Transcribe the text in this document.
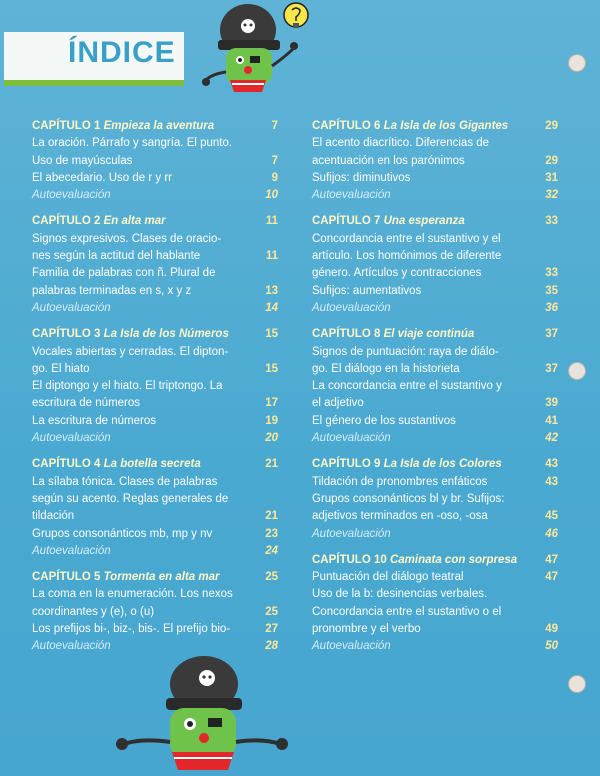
ÍNDICE
CAPÍTULO 1 Empieza la aventura	7
La oración. Párrafo y sangría. El punto.
Uso de mayúsculas	7
El abecedario. Uso de r y rr	9
Autoevaluación	10
CAPÍTULO 2 En alta mar	11
Signos expresivos. Clases de oracio-
nes según la actitud del hablante	11
Familia de palabras con ñ. Plural de
palabras terminadas en s, x y z	13
Autoevaluación	14
CAPÍTULO 3 La Isla de los Números	15
Vocales abiertas y cerradas. El dipton-
go. El hiato	15
El diptongo y el hiato. El triptongo. La
escritura de números	17
La escritura de números	19
Autoevaluación	20
CAPÍTULO 4 La botella secreta	21
La sílaba tónica. Clases de palabras
según su acento. Reglas generales de
tildación	21
Grupos consonánticos mb, mp y nv	23
Autoevaluación	24
CAPÍTULO 5 Tormenta en alta mar	25
La coma en la enumeración. Los nexos
coordinantes y (e), o (u)	25
Los prefijos bi-, biz-, bis-. El prefijo bio-	27
Autoevaluación	28
CAPÍTULO 6 La Isla de los Gigantes	29
El acento diacrítico. Diferencias de
acentuación en los parónimos	29
Sufijos: diminutivos	31
Autoevaluación	32
CAPÍTULO 7 Una esperanza	33
Concordancia entre el sustantivo y el
artículo. Los homónimos de diferente
género. Artículos y contracciones	33
Sufijos: aumentativos	35
Autoevaluación	36
CAPÍTULO 8 El viaje continúa	37
Signos de puntuación: raya de diálo-
go. El diálogo en la historieta	37
La concordancia entre el sustantivo y
el adjetivo	39
El género de los sustantivos	41
Autoevaluación	42
CAPÍTULO 9 La Isla de los Colores	43
Tildación de pronombres enfáticos	43
Grupos consonánticos bl y br. Sufijos:
adjetivos terminados en -oso, -osa	45
Autoevaluación	46
CAPÍTULO 10 Caminata con sorpresa	47
Puntuación del diálogo teatral	47
Uso de la b: desinencias verbales.
Concordancia entre el sustantivo o el
pronombre y el verbo	49
Autoevaluación	50
